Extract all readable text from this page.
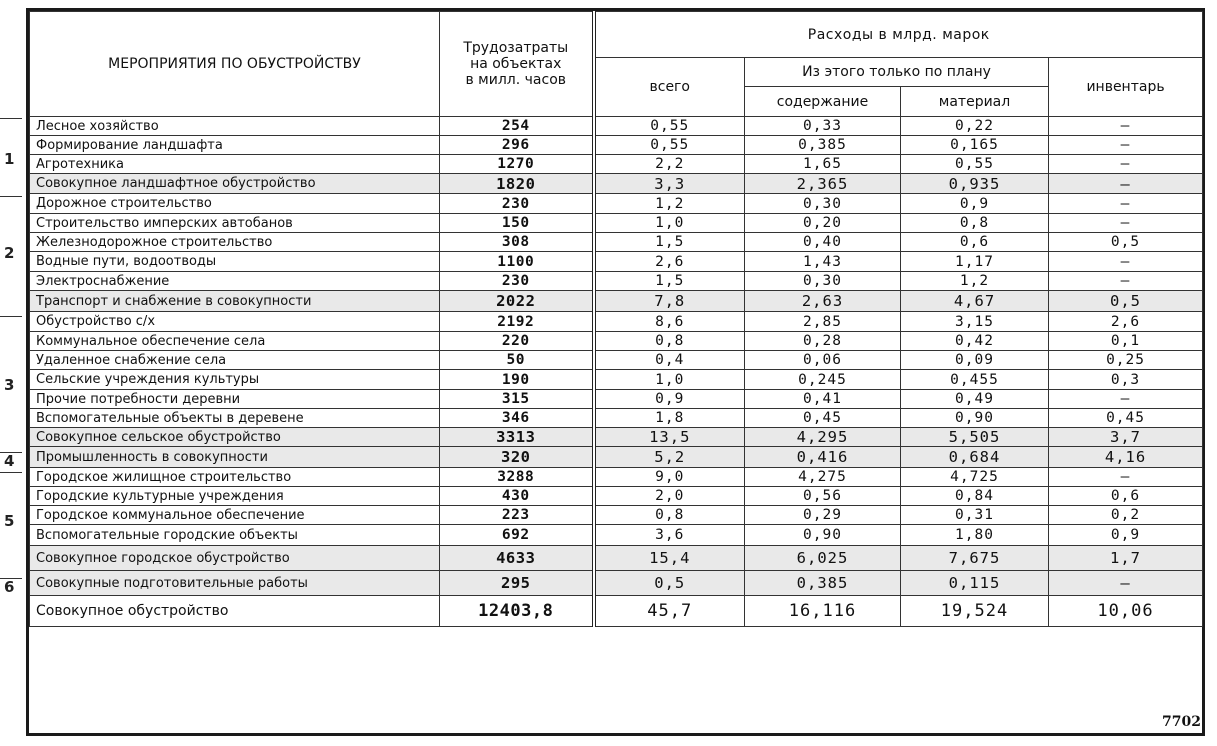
МЕРОПРИЯТИЯ ПО ОБУСТРОЙСТВУ	Трудозатраты
на объектах
в милл. часов	Расходы в млрд. марок			
		всего	Из этого только по плану		инвентарь
			содержание	материал	
Лесное хозяйство	254	0,55	0,33	0,22	—
Формирование ландшафта	296	0,55	0,385	0,165	—
Агротехника	1270	2,2	1,65	0,55	—
Совокупное ландшафтное обустройство	1820	3,3	2,365	0,935	—
Дорожное строительство	230	1,2	0,30	0,9	—
Строительство имперских автобанов	150	1,0	0,20	0,8	—
Железнодорожное строительство	308	1,5	0,40	0,6	0,5
Водные пути, водоотводы	1100	2,6	1,43	1,17	—
Электроснабжение	230	1,5	0,30	1,2	—
Транспорт и снабжение в совокупности	2022	7,8	2,63	4,67	0,5
Обустройство с/х	2192	8,6	2,85	3,15	2,6
Коммунальное обеспечение села	220	0,8	0,28	0,42	0,1
Удаленное снабжение села	50	0,4	0,06	0,09	0,25
Сельские учреждения культуры	190	1,0	0,245	0,455	0,3
Прочие потребности деревни	315	0,9	0,41	0,49	—
Вспомогательные объекты в деревене	346	1,8	0,45	0,90	0,45
Совокупное сельское обустройство	3313	13,5	4,295	5,505	3,7
Промышленность в совокупности	320	5,2	0,416	0,684	4,16
Городское жилищное строительство	3288	9,0	4,275	4,725	—
Городские культурные учреждения	430	2,0	0,56	0,84	0,6
Городское коммунальное обеспечение	223	0,8	0,29	0,31	0,2
Вспомогательные городские объекты	692	3,6	0,90	1,80	0,9
Совокупное городское обустройство	4633	15,4	6,025	7,675	1,7
Совокупные подготовительные работы	295	0,5	0,385	0,115	—
Совокупное обустройство	12403,8	45,7	16,116	19,524	10,06
1
2
3
4
5
6
7702
